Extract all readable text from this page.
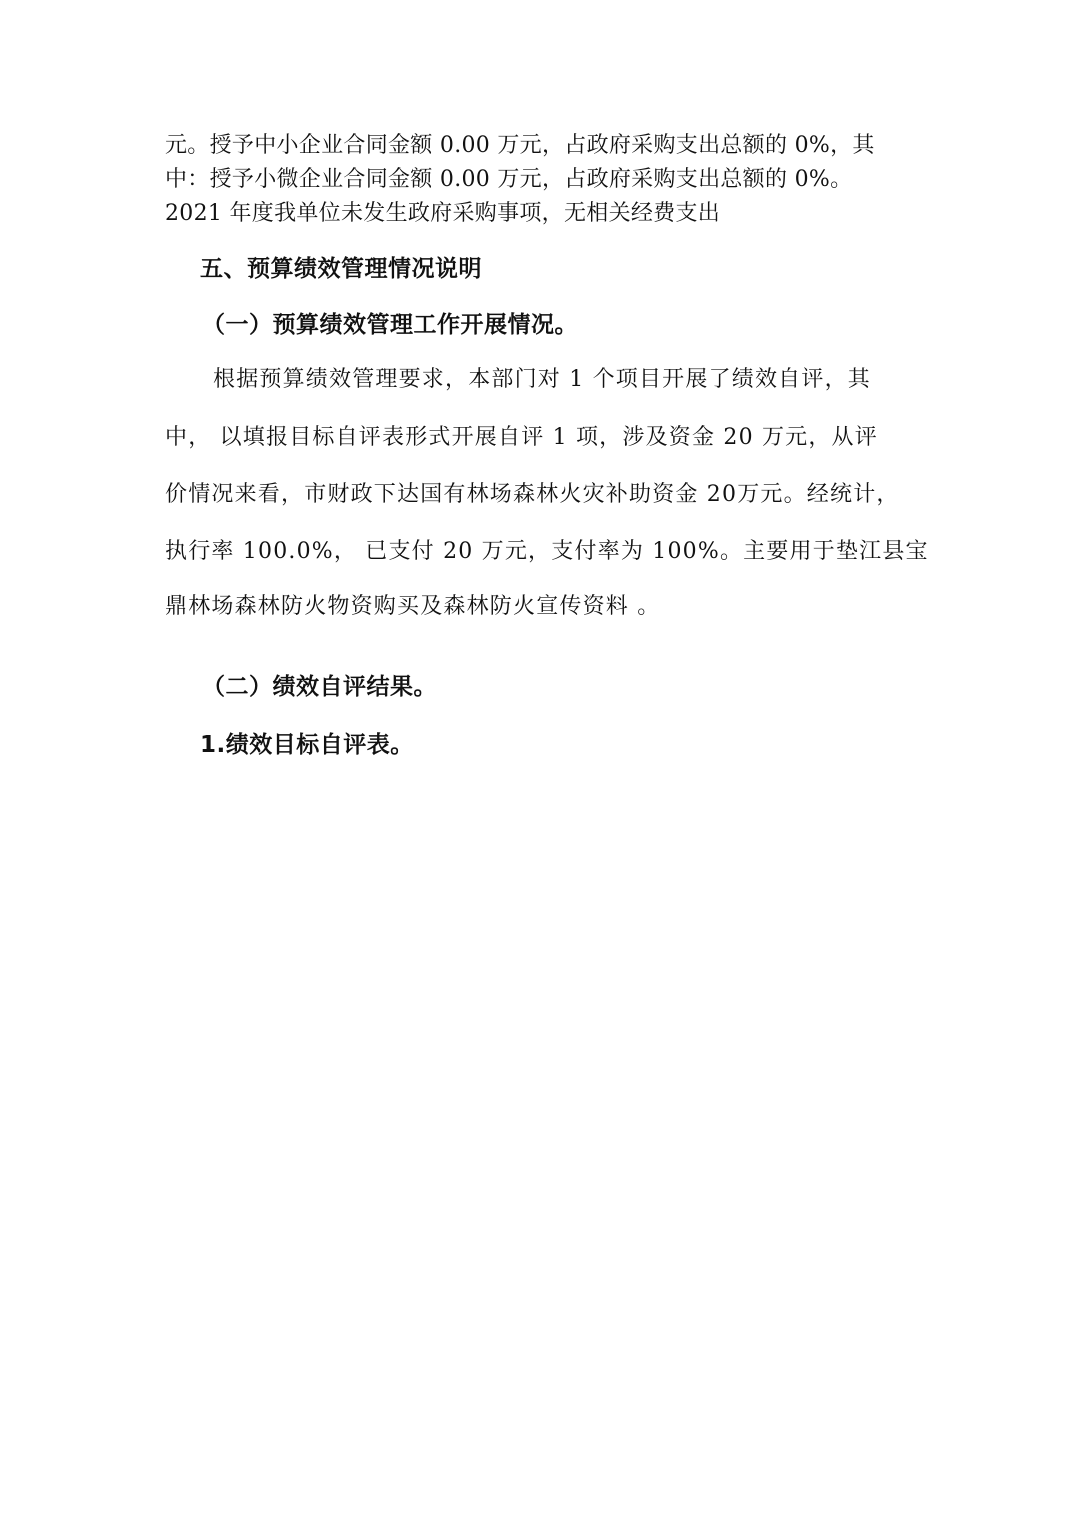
元。授予中小企业合同金额 0.00 万元，占政府采购支出总额的 0%，其
中：授予小微企业合同金额 0.00 万元，占政府采购支出总额的 0%。
2021 年度我单位未发生政府采购事项，无相关经费支出
五、预算绩效管理情况说明
（一）预算绩效管理工作开展情况。
根据预算绩效管理要求，本部门对 1 个项目开展了绩效自评，其
中， 以填报目标自评表形式开展自评 1 项，涉及资金 20 万元，从评
价情况来看，市财政下达国有林场森林火灾补助资金 20万元。经统计，
执行率 100.0%， 已支付 20 万元，支付率为 100%。主要用于垫江县宝
鼎林场森林防火物资购买及森林防火宣传资料 。
（二）绩效自评结果。
1.绩效目标自评表。
